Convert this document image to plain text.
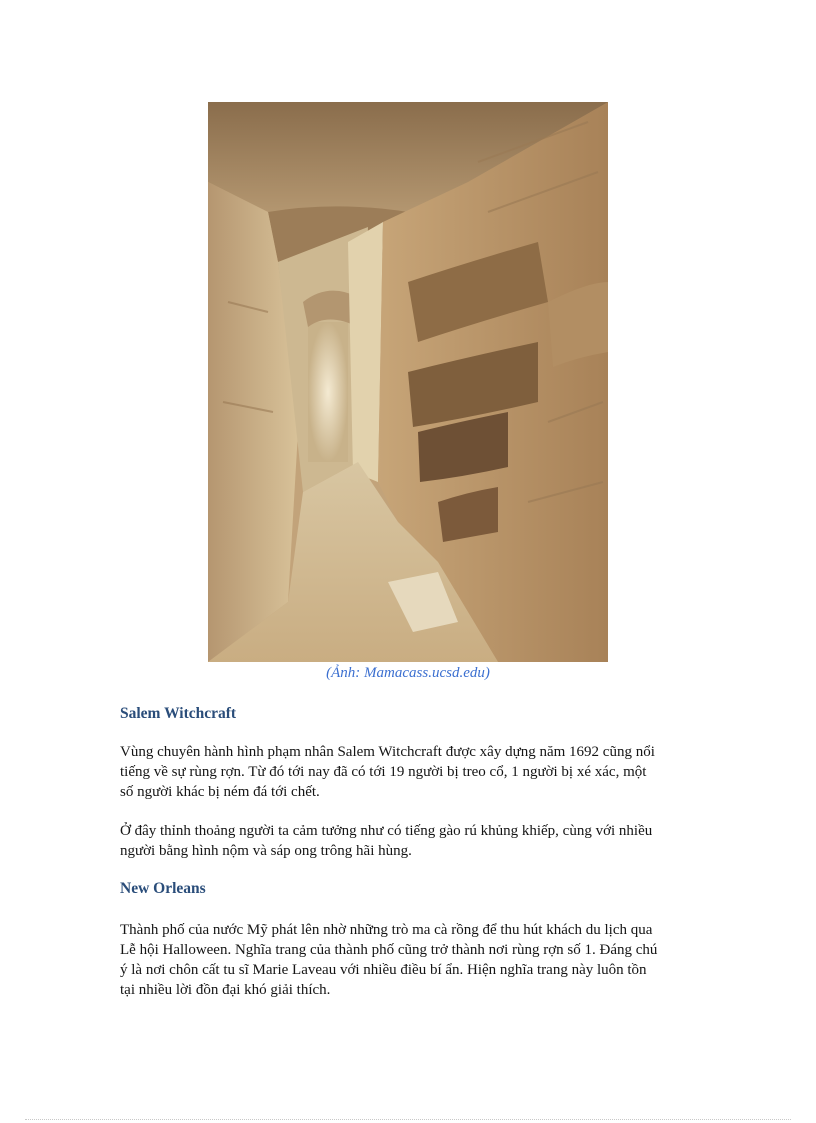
(Ảnh: Mamacass.ucsd.edu)
Salem Witchcraft
Vùng chuyên hành hình phạm nhân Salem Witchcraft được xây dựng năm 1692 cũng nổi
tiếng về sự rùng rợn. Từ đó tới nay đã có tới 19 người bị treo cổ, 1 người bị xé xác, một
số người khác bị ném đá tới chết.
Ở đây thỉnh thoảng người ta cảm tưởng như có tiếng gào rú khủng khiếp, cùng với nhiều
người bằng hình nộm và sáp ong trông hãi hùng.
New Orleans
Thành phố của nước Mỹ phát lên nhờ những trò ma cà rồng để thu hút khách du lịch qua
Lễ hội Halloween. Nghĩa trang của thành phố cũng trở thành nơi rùng rợn số 1. Đáng chú
ý là nơi chôn cất tu sĩ Marie Laveau với nhiều điều bí ẩn. Hiện nghĩa trang này luôn tồn
tại nhiều lời đồn đại khó giải thích.
